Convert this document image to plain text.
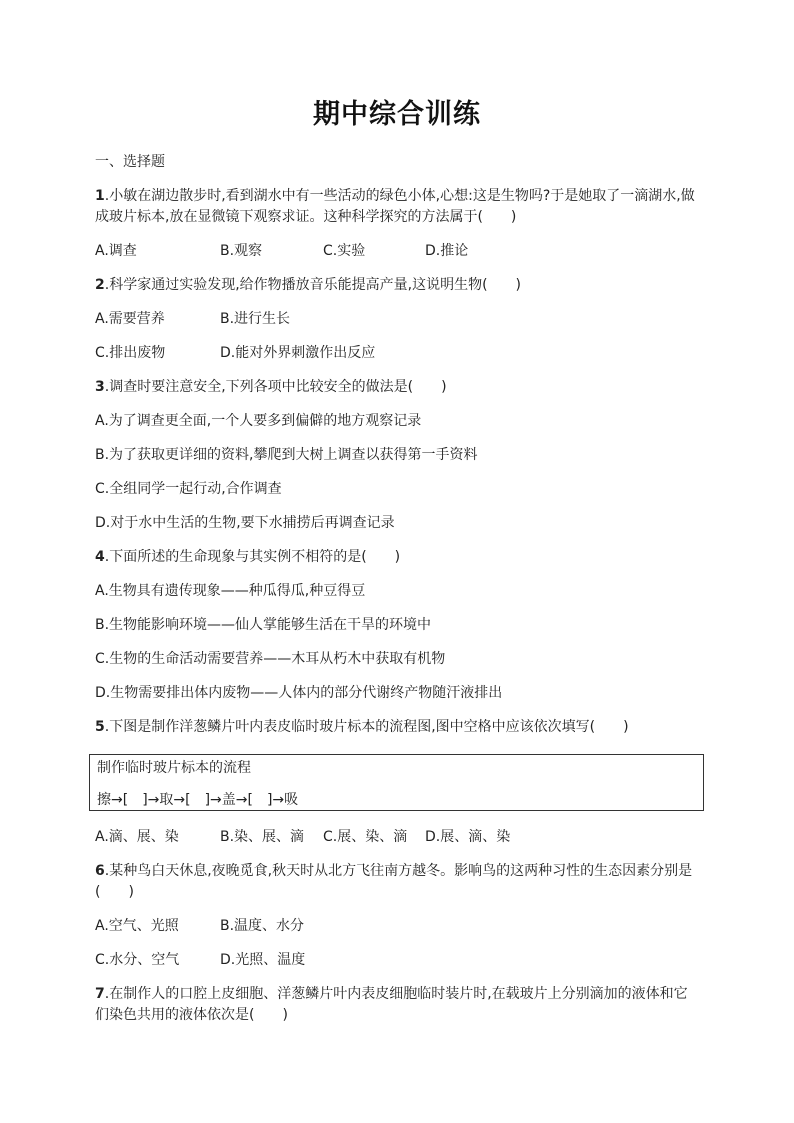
期中综合训练
一、选择题
1.小敏在湖边散步时,看到湖水中有一些活动的绿色小体,心想:这是生物吗?于是她取了一滴湖水,做
成玻片标本,放在显微镜下观察求证。这种科学探究的方法属于(　　)
A.调查	B.观察	C.实验	D.推论
2.科学家通过实验发现,给作物播放音乐能提高产量,这说明生物(　　)
A.需要营养	B.进行生长
C.排出废物	D.能对外界刺激作出反应
3.调查时要注意安全,下列各项中比较安全的做法是(　　)
A.为了调查更全面,一个人要多到偏僻的地方观察记录
B.为了获取更详细的资料,攀爬到大树上调查以获得第一手资料
C.全组同学一起行动,合作调查
D.对于水中生活的生物,要下水捕捞后再调查记录
4.下面所述的生命现象与其实例不相符的是(　　)
A.生物具有遗传现象——种瓜得瓜,种豆得豆
B.生物能影响环境——仙人掌能够生活在干旱的环境中
C.生物的生命活动需要营养——木耳从朽木中获取有机物
D.生物需要排出体内废物——人体内的部分代谢终产物随汗液排出
5.下图是制作洋葱鳞片叶内表皮临时玻片标本的流程图,图中空格中应该依次填写(　　)
制作临时玻片标本的流程
擦→[　]→取→[　]→盖→[　]→吸
A.滴、展、染	B.染、展、滴 C.展、染、滴 D.展、滴、染
6.某种鸟白天休息,夜晚觅食,秋天时从北方飞往南方越冬。影响鸟的这两种习性的生态因素分别是
(　　)
A.空气、光照	B.温度、水分
C.水分、空气	D.光照、温度
7.在制作人的口腔上皮细胞、洋葱鳞片叶内表皮细胞临时装片时,在载玻片上分别滴加的液体和它
们染色共用的液体依次是(　　)
